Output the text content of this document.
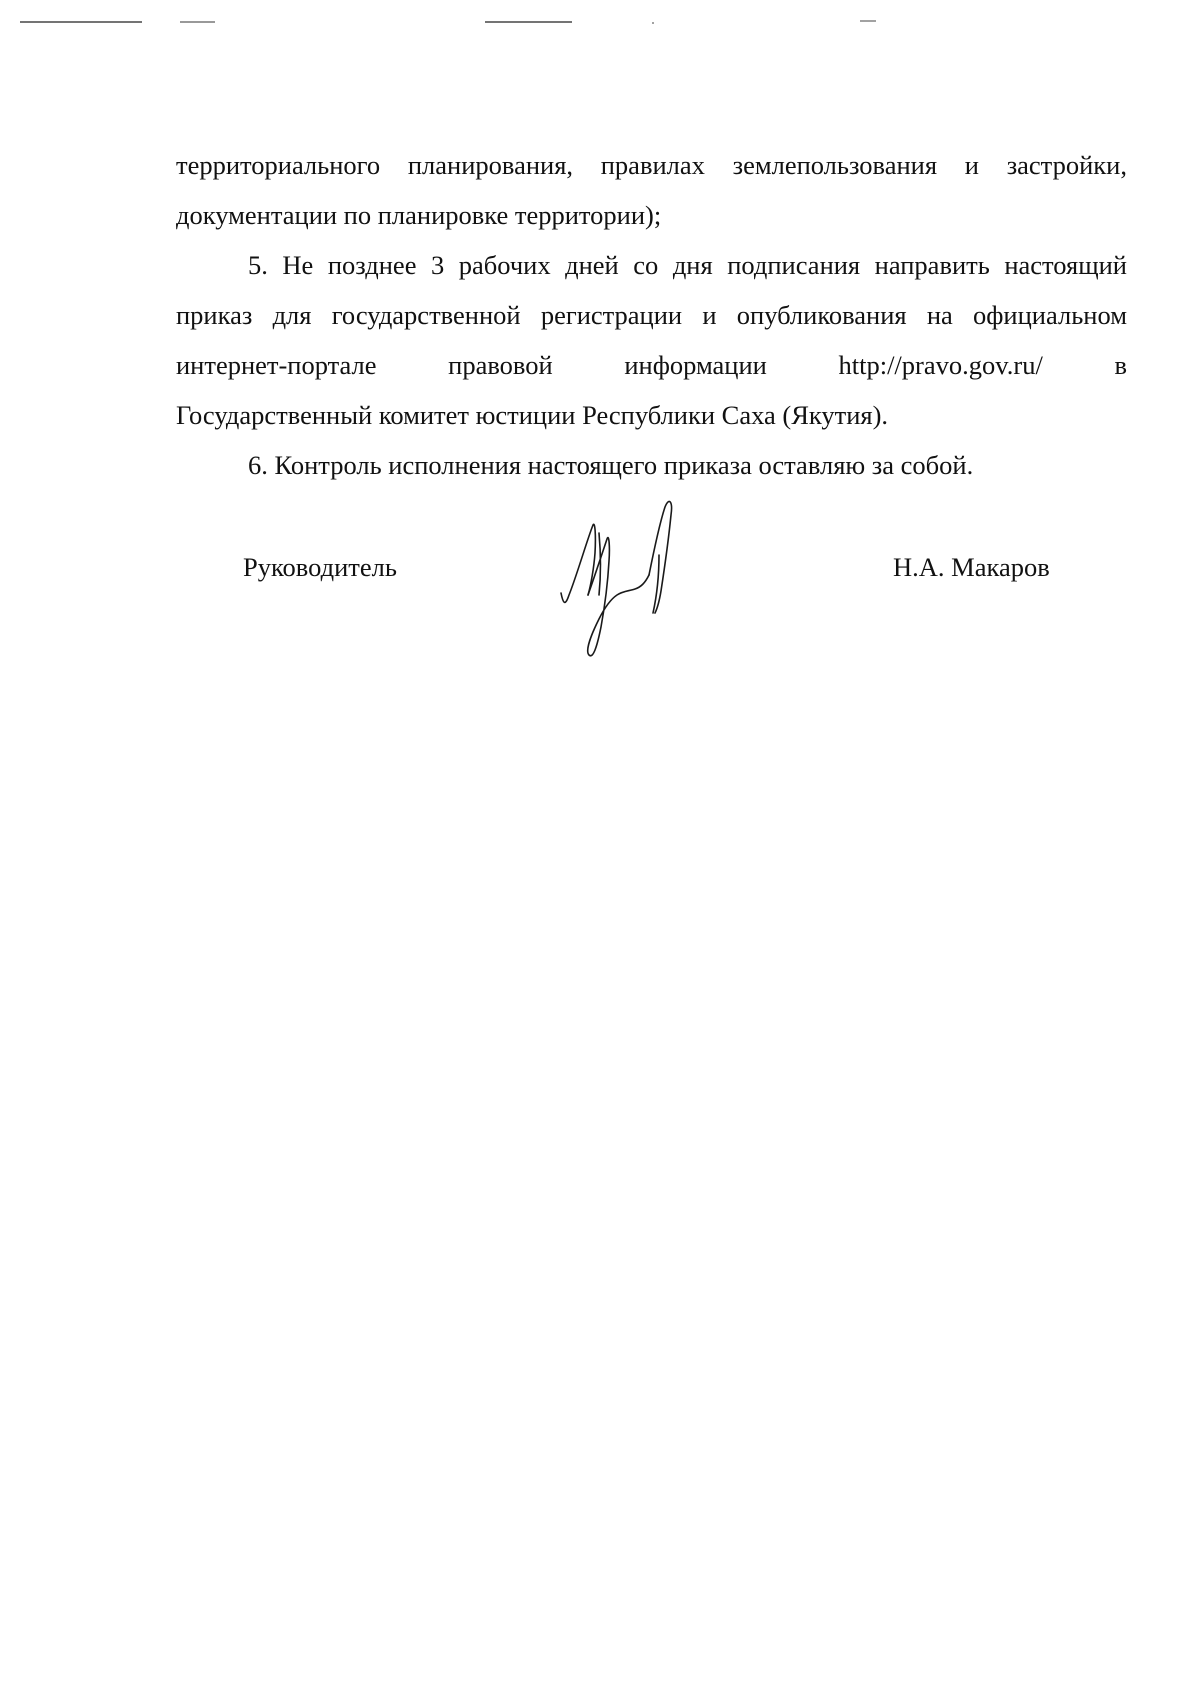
территориального планирования, правилах землепользования и застройки,
документации по планировке территории);
5. Не позднее 3 рабочих дней со дня подписания направить настоящий
приказ для государственной регистрации и опубликования на официальном
интернет-портале	правовой	информации	http://pravo.gov.ru/	в
Государственный комитет юстиции Республики Саха (Якутия).
6. Контроль исполнения настоящего приказа оставляю за собой.
Руководитель	Н.А. Макаров
